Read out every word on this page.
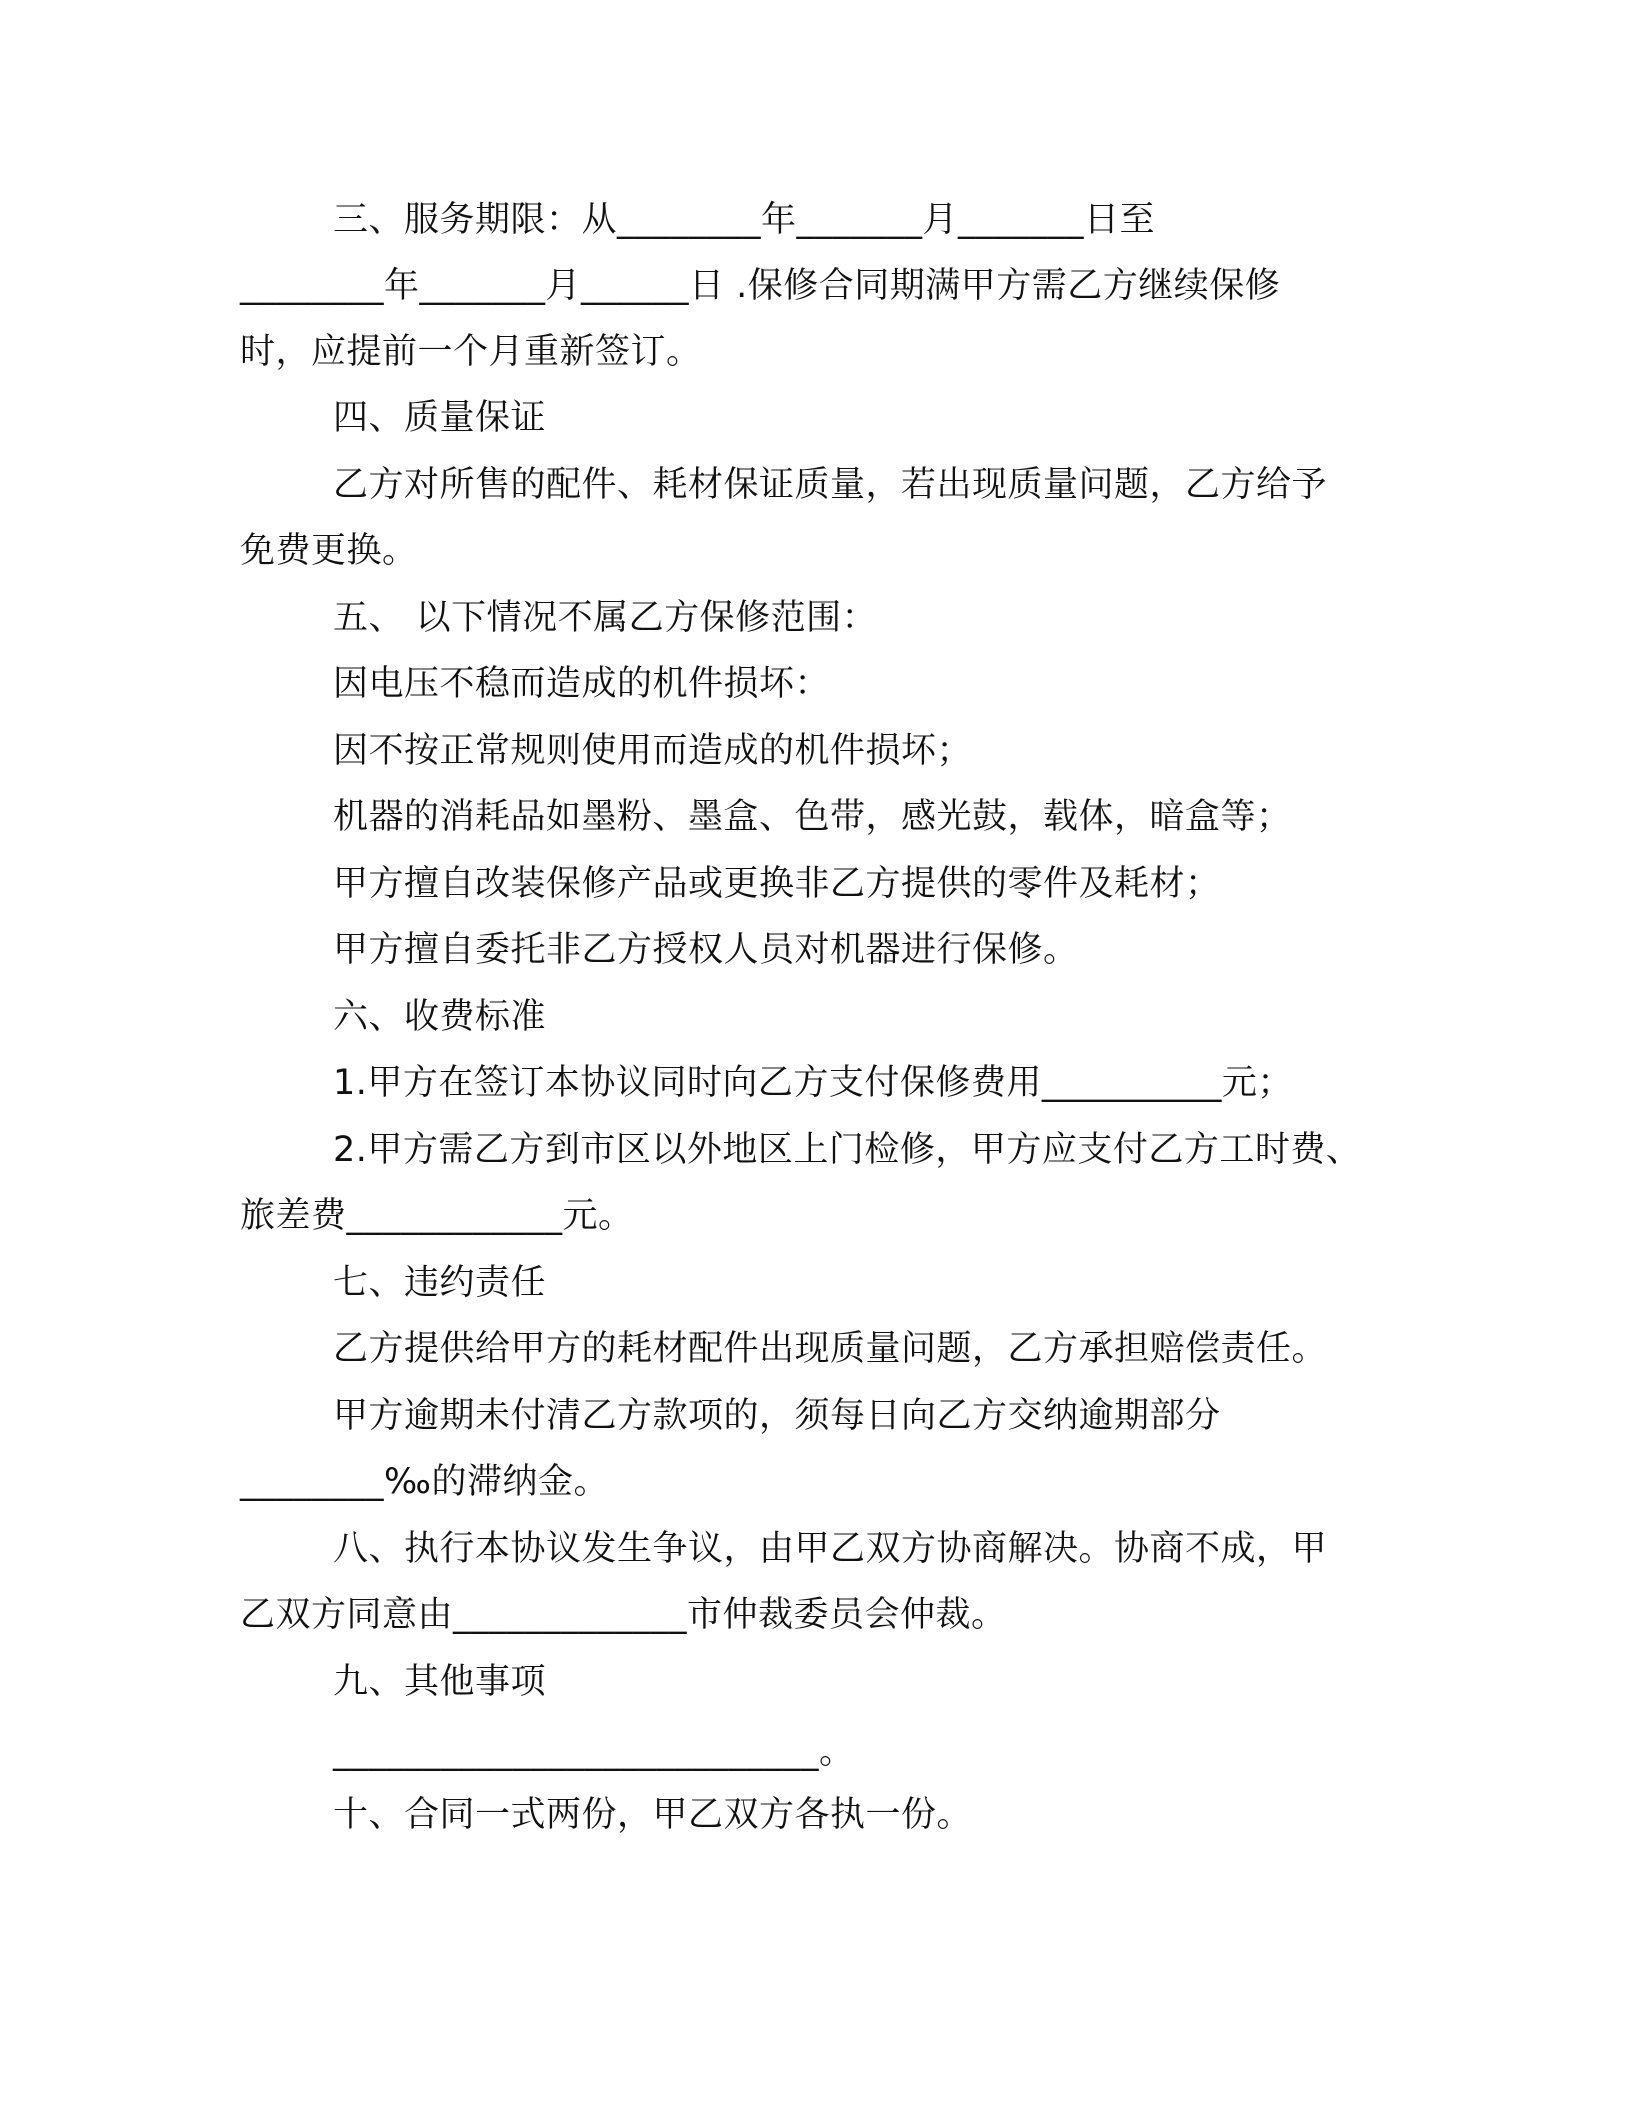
三、服务期限：从________年_______月_______日至

________年_______月______日 .保修合同期满甲方需乙方继续保修

时，应提前一个月重新签订。

四、质量保证

乙方对所售的配件、耗材保证质量，若出现质量问题，乙方给予

免费更换。

五、 以下情况不属乙方保修范围：

因电压不稳而造成的机件损坏：

因不按正常规则使用而造成的机件损坏；

机器的消耗品如墨粉、墨盒、色带，感光鼓，载体，暗盒等；

甲方擅自改装保修产品或更换非乙方提供的零件及耗材；

甲方擅自委托非乙方授权人员对机器进行保修。

六、收费标准

1.甲方在签订本协议同时向乙方支付保修费用__________元；

2.甲方需乙方到市区以外地区上门检修，甲方应支付乙方工时费、

旅差费____________元。

七、违约责任

乙方提供给甲方的耗材配件出现质量问题，乙方承担赔偿责任。

甲方逾期未付清乙方款项的，须每日向乙方交纳逾期部分

________‰的滞纳金。

八、执行本协议发生争议，由甲乙双方协商解决。协商不成，甲

乙双方同意由_____________市仲裁委员会仲裁。

九、其他事项

___________________________。

十、合同一式两份，甲乙双方各执一份。
